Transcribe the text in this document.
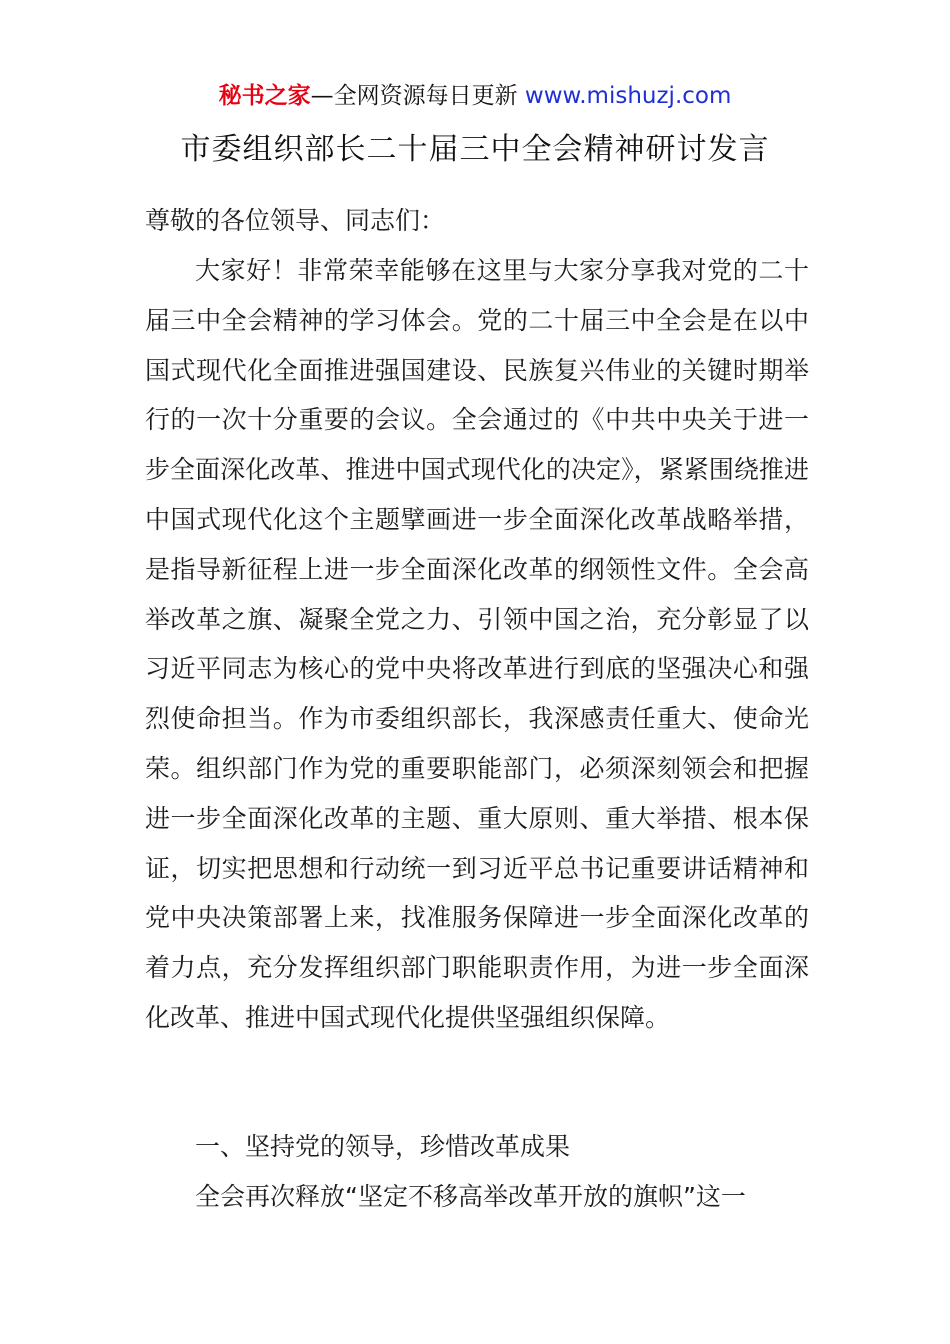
秘书之家—全网资源每日更新 www.mishuzj.com
市委组织部长二十届三中全会精神研讨发言
尊敬的各位领导、同志们：
大家好！非常荣幸能够在这里与大家分享我对党的二十届三中全会精神的学习体会。党的二十届三中全会是在以中国式现代化全面推进强国建设、民族复兴伟业的关键时期举行的一次十分重要的会议。全会通过的《中共中央关于进一步全面深化改革、推进中国式现代化的决定》，紧紧围绕推进中国式现代化这个主题擘画进一步全面深化改革战略举措，是指导新征程上进一步全面深化改革的纲领性文件。全会高举改革之旗、凝聚全党之力、引领中国之治，充分彰显了以习近平同志为核心的党中央将改革进行到底的坚强决心和强烈使命担当。作为市委组织部长，我深感责任重大、使命光荣。组织部门作为党的重要职能部门，必须深刻领会和把握进一步全面深化改革的主题、重大原则、重大举措、根本保证，切实把思想和行动统一到习近平总书记重要讲话精神和党中央决策部署上来，找准服务保障进一步全面深化改革的着力点，充分发挥组织部门职能职责作用，为进一步全面深化改革、推进中国式现代化提供坚强组织保障。
一、坚持党的领导，珍惜改革成果
全会再次释放“坚定不移高举改革开放的旗帜”这一
